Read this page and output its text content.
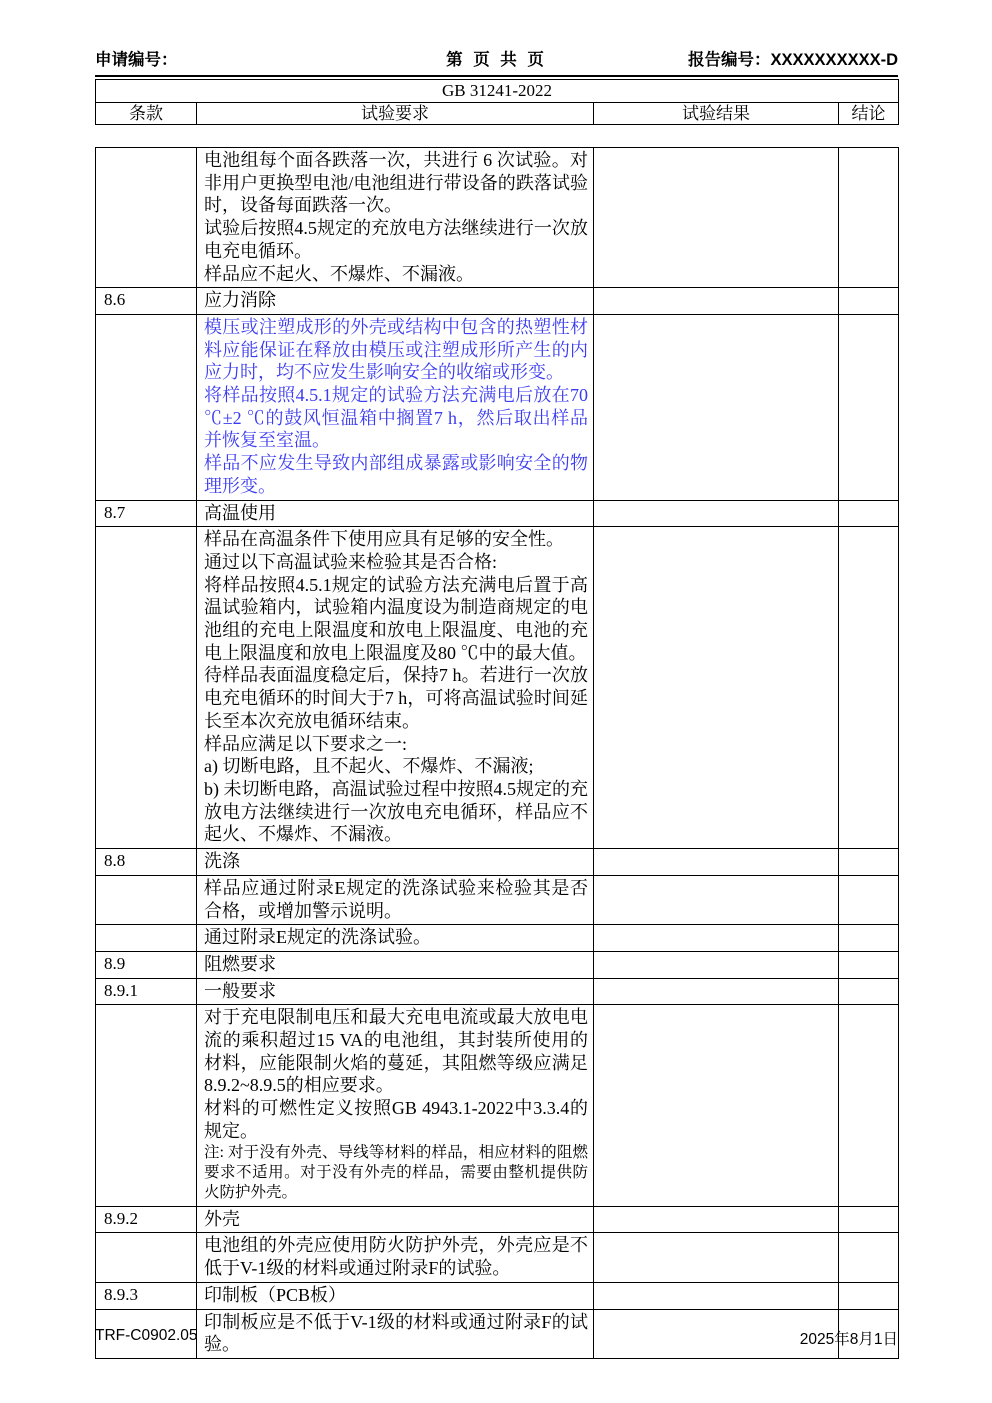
申请编号：	第 页 共 页	报告编号：XXXXXXXXXX-D
GB 31241-2022
条款	试验要求	试验结果	结论

	电池组每个面各跌落一次，共进行 6 次试验。对非用户更换型电池/电池组进行带设备的跌落试验时，设备每面跌落一次。

试验后按照4.5规定的充放电方法继续进行一次放电充电循环。

样品应不起火、不爆炸、不漏液。		

8.6	应力消除		

	模压或注塑成形的外壳或结构中包含的热塑性材料应能保证在释放由模压或注塑成形所产生的内应力时，均不应发生影响安全的收缩或形变。

将样品按照4.5.1规定的试验方法充满电后放在70 ℃±2 ℃的鼓风恒温箱中搁置7 h，然后取出样品并恢复至室温。

样品不应发生导致内部组成暴露或影响安全的物理形变。		

8.7	高温使用		

样品在高温条件下使用应具有足够的安全性。

通过以下高温试验来检验其是否合格:

将样品按照4.5.1规定的试验方法充满电后置于高温试验箱内，试验箱内温度设为制造商规定的电池组的充电上限温度和放电上限温度、电池的充电上限温度和放电上限温度及80 ℃中的最大值。

待样品表面温度稳定后，保持7 h。若进行一次放电充电循环的时间大于7 h，可将高温试验时间延长至本次充放电循环结束。

样品应满足以下要求之一:

a) 切断电路，且不起火、不爆炸、不漏液;

b) 未切断电路，高温试验过程中按照4.5规定的充放电方法继续进行一次放电充电循环，样品应不起火、不爆炸、不漏液。

8.8	洗涤		

	样品应通过附录E规定的洗涤试验来检验其是否合格，或增加警示说明。		

	通过附录E规定的洗涤试验。		

8.9	阻燃要求		

8.9.1	一般要求		

	对于充电限制电压和最大充电电流或最大放电电流的乘积超过15 VA的电池组，其封装所使用的材料，应能限制火焰的蔓延，其阻燃等级应满足8.9.2~8.9.5的相应要求。

材料的可燃性定义按照GB 4943.1-2022中3.3.4的规定。

注: 对于没有外壳、导线等材料的样品，相应材料的阻燃要求不适用。对于没有外壳的样品，需要由整机提供防火防护外壳。		

8.9.2	外壳		

	电池组的外壳应使用防火防护外壳，外壳应是不低于V-1级的材料或通过附录F的试验。		

8.9.3	印制板（PCB板）		

	印制板应是不低于V-1级的材料或通过附录F的试验。		

TRF-C0902.05	2025年8月1日
